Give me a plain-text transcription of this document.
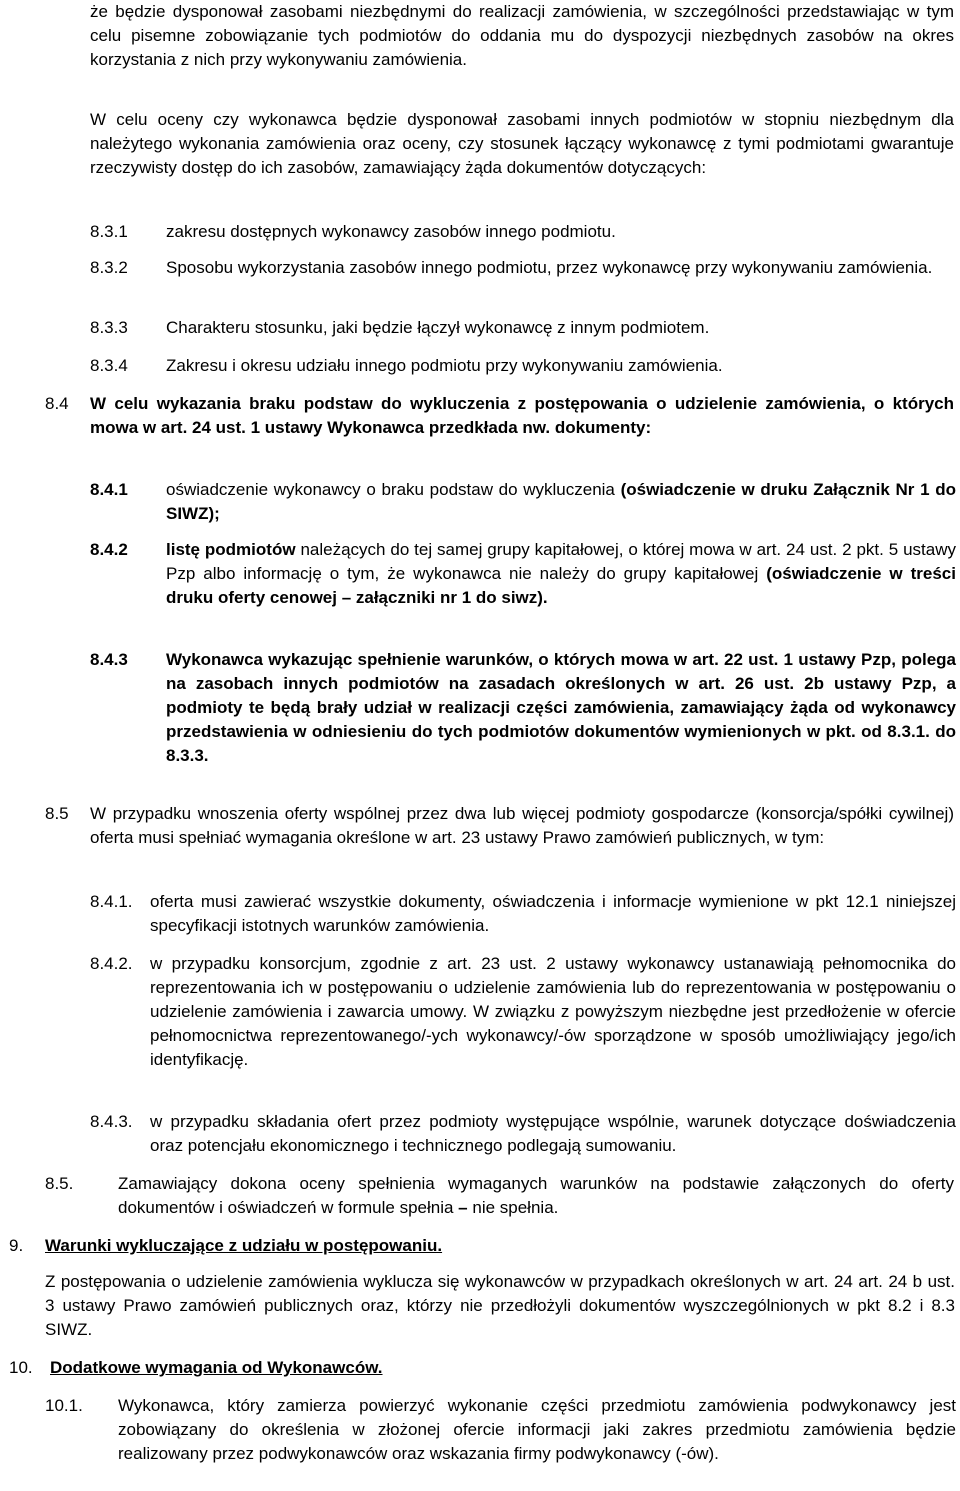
że będzie dysponował zasobami niezbędnymi do realizacji zamówienia, w szczególności przedstawiając w tym celu pisemne zobowiązanie tych podmiotów do oddania mu do dyspozycji niezbędnych zasobów na okres korzystania z nich przy wykonywaniu zamówienia.

W celu oceny czy wykonawca będzie dysponował zasobami innych podmiotów w stopniu niezbędnym dla należytego wykonania zamówienia oraz oceny, czy stosunek łączący wykonawcę z tymi podmiotami gwarantuje rzeczywisty dostęp do ich zasobów, zamawiający żąda dokumentów dotyczących:

8.3.1 zakresu dostępnych wykonawcy zasobów innego podmiotu.

8.3.2 Sposobu wykorzystania zasobów innego podmiotu, przez wykonawcę przy wykonywaniu zamówienia.

8.3.3 Charakteru stosunku, jaki będzie łączył wykonawcę z innym podmiotem.

8.3.4 Zakresu i okresu udziału innego podmiotu przy wykonywaniu zamówienia.

8.4 W celu wykazania braku podstaw do wykluczenia z postępowania o udzielenie zamówienia, o których mowa w art. 24 ust. 1 ustawy Wykonawca przedkłada nw. dokumenty:

8.4.1 oświadczenie wykonawcy o braku podstaw do wykluczenia (oświadczenie w druku Załącznik Nr 1 do SIWZ);

8.4.2 listę podmiotów należących do tej samej grupy kapitałowej, o której mowa w art. 24 ust. 2 pkt. 5 ustawy Pzp albo informację o tym, że wykonawca nie należy do grupy kapitałowej (oświadczenie w treści druku oferty cenowej – załączniki nr 1 do siwz).

8.4.3 Wykonawca wykazując spełnienie warunków, o których mowa w art. 22 ust. 1 ustawy Pzp, polega na zasobach innych podmiotów na zasadach określonych w art. 26 ust. 2b ustawy Pzp, a podmioty te będą brały udział w realizacji części zamówienia, zamawiający żąda od wykonawcy przedstawienia w odniesieniu do tych podmiotów dokumentów wymienionych w pkt. od 8.3.1. do 8.3.3.

8.5 W przypadku wnoszenia oferty wspólnej przez dwa lub więcej podmioty gospodarcze (konsorcja/spółki cywilnej) oferta musi spełniać wymagania określone w art. 23 ustawy Prawo zamówień publicznych, w tym:

8.4.1. oferta musi zawierać wszystkie dokumenty, oświadczenia i informacje wymienione w pkt 12.1 niniejszej specyfikacji istotnych warunków zamówienia.

8.4.2. w przypadku konsorcjum, zgodnie z art. 23 ust. 2 ustawy wykonawcy ustanawiają pełnomocnika do reprezentowania ich w postępowaniu o udzielenie zamówienia lub do reprezentowania w postępowaniu o udzielenie zamówienia i zawarcia umowy. W związku z powyższym niezbędne jest przedłożenie w ofercie pełnomocnictwa reprezentowanego/-ych wykonawcy/-ów sporządzone w sposób umożliwiający jego/ich identyfikację.

8.4.3. w przypadku składania ofert przez podmioty występujące wspólnie, warunek dotyczące doświadczenia oraz potencjału ekonomicznego i technicznego podlegają sumowaniu.

8.5.	Zamawiający dokona oceny spełnienia wymaganych warunków na podstawie załączonych do oferty dokumentów i oświadczeń w formule spełnia – nie spełnia.

9. Warunki wykluczające z udziału w postępowaniu.

Z postępowania o udzielenie zamówienia wyklucza się wykonawców w przypadkach określonych w art. 24 art. 24 b ust. 3 ustawy Prawo zamówień publicznych oraz, którzy nie przedłożyli dokumentów wyszczególnionych w pkt 8.2 i 8.3 SIWZ.

10. Dodatkowe wymagania od Wykonawców.
10.1. Wykonawca, który zamierza powierzyć wykonanie części przedmiotu zamówienia podwykonawcy jest zobowiązany do określenia w złożonej ofercie informacji jaki zakres przedmiotu zamówienia będzie realizowany przez podwykonawców oraz wskazania firmy podwykonawcy (-ów).
